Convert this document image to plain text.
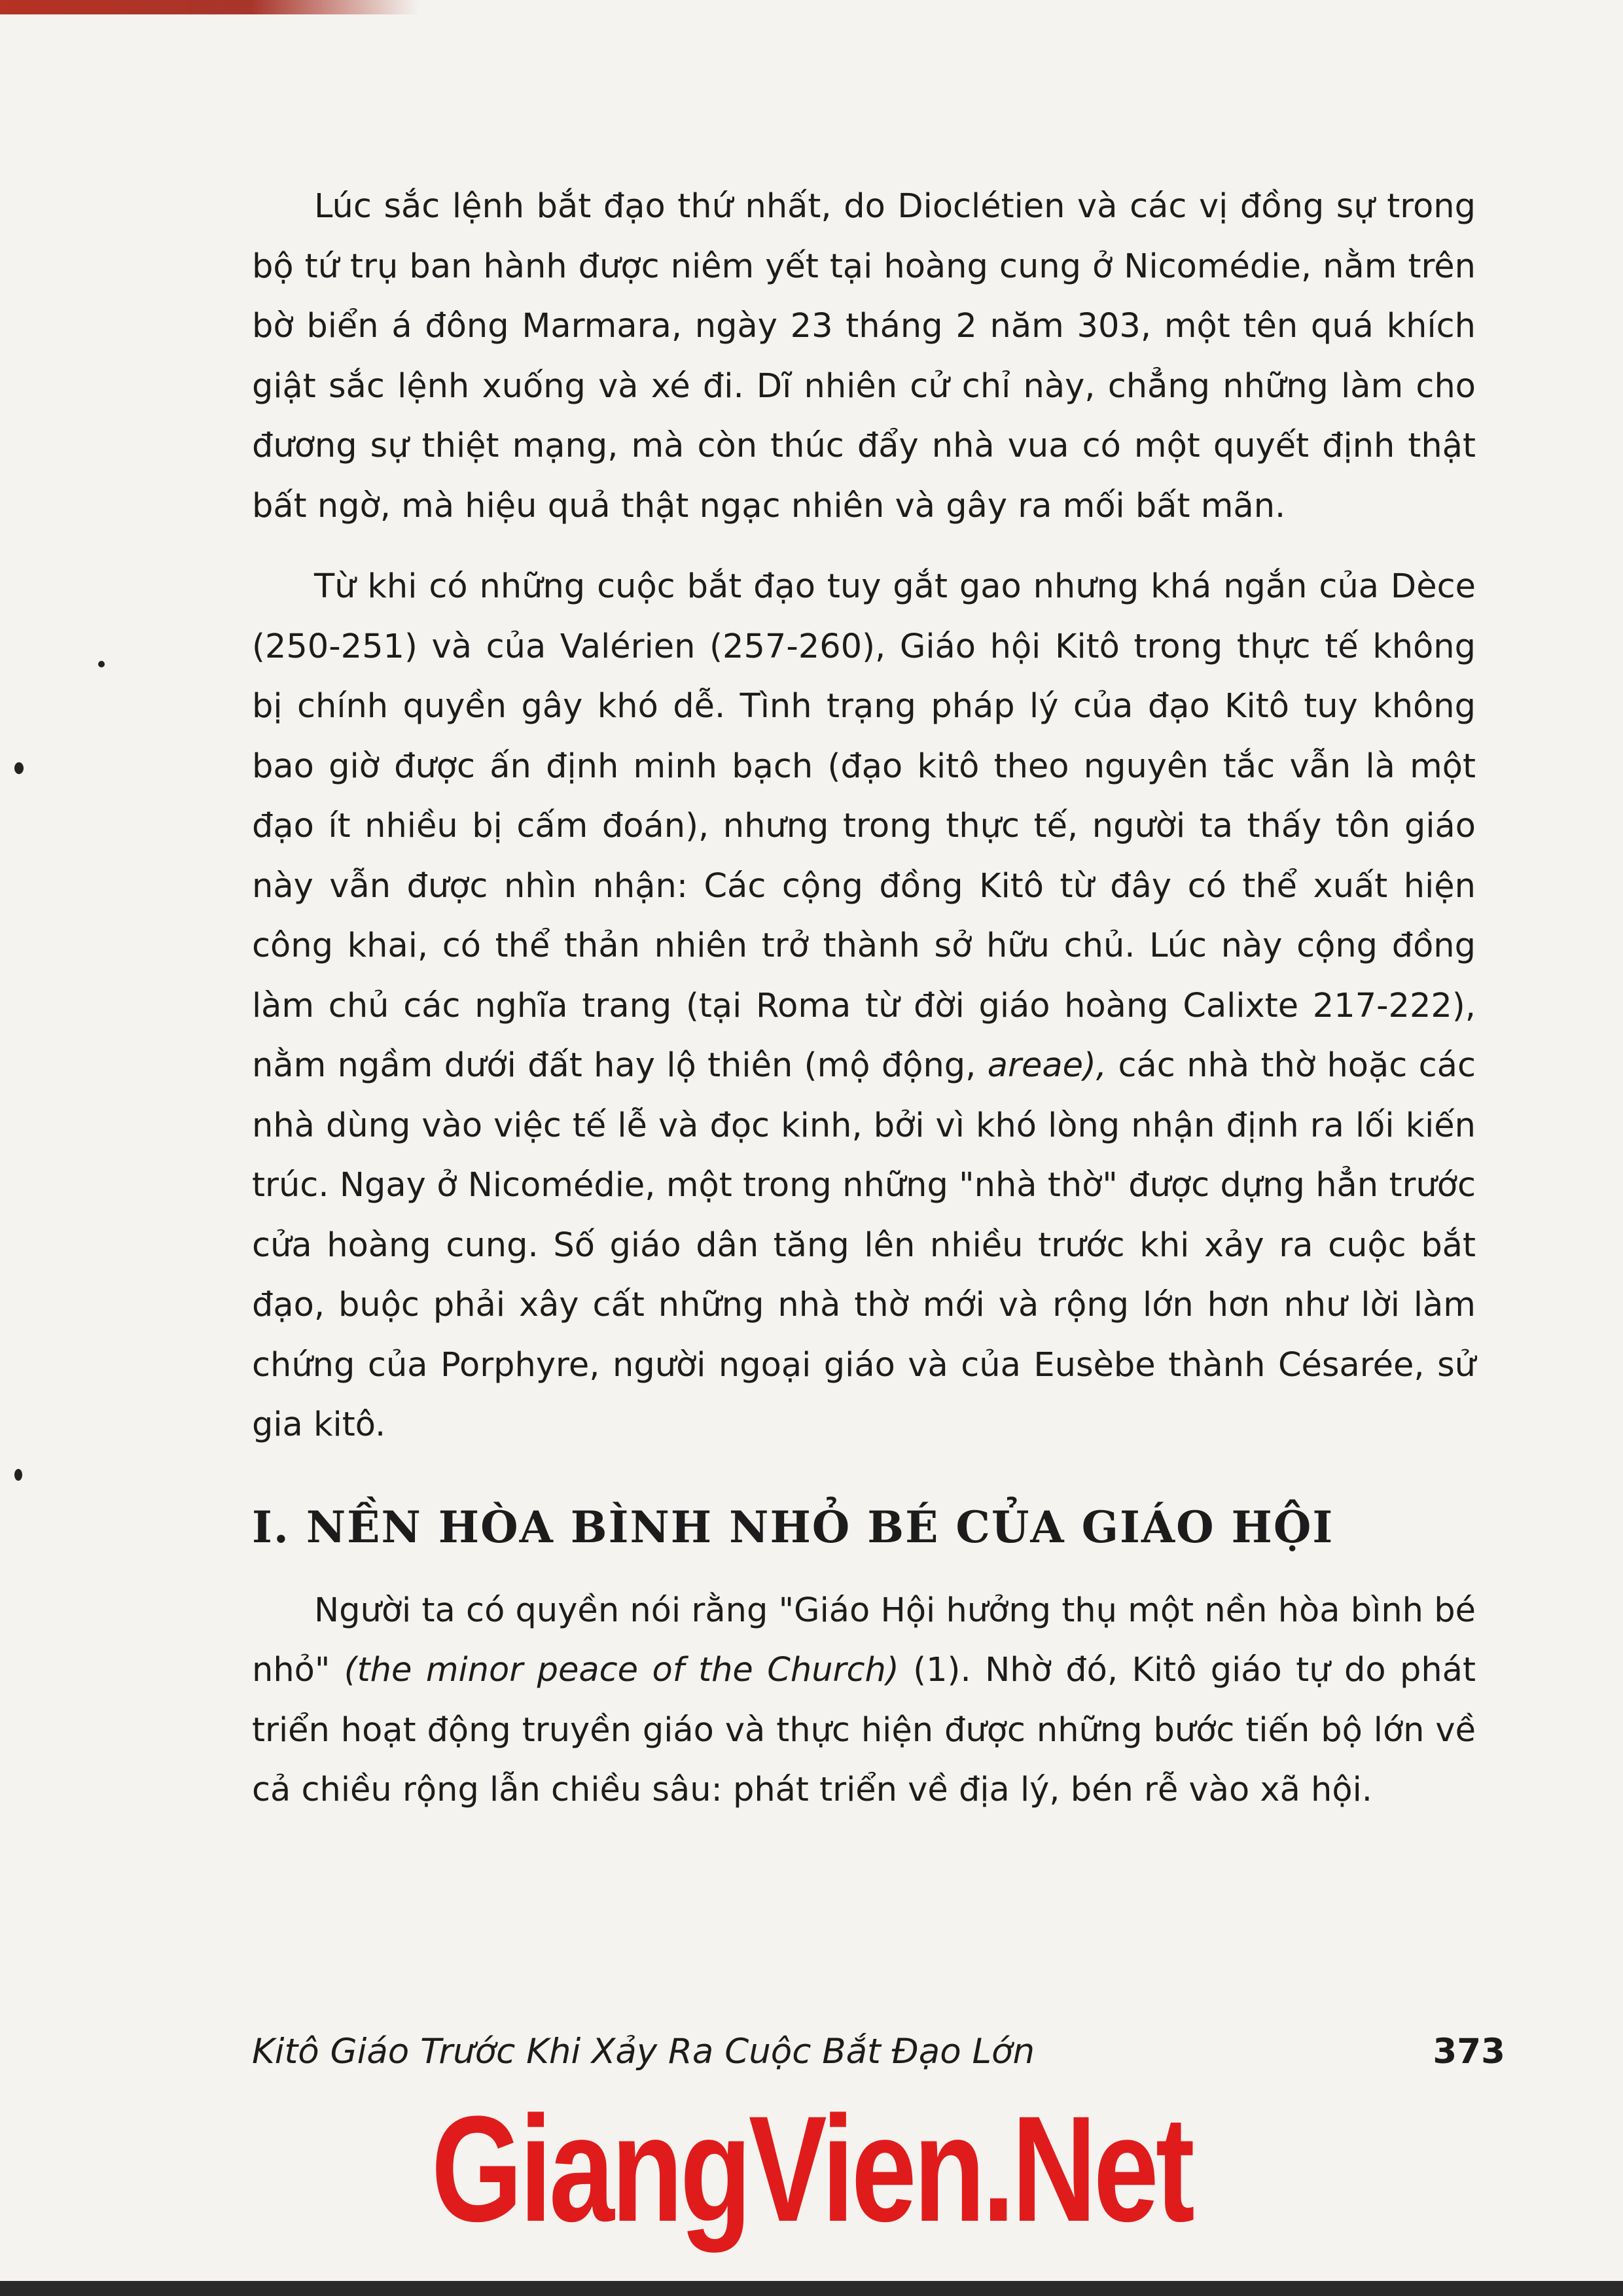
Lúc sắc lệnh bắt đạo thứ nhất, do Dioclétien và các vị đồng sự trong bộ tứ trụ ban hành được niêm yết tại hoàng cung ở Nicomédie, nằm trên bờ biển á đông Marmara, ngày 23 tháng 2 năm 303, một tên quá khích giật sắc lệnh xuống và xé đi. Dĩ nhiên cử chỉ này, chẳng những làm cho đương sự thiệt mạng, mà còn thúc đẩy nhà vua có một quyết định thật bất ngờ, mà hiệu quả thật ngạc nhiên và gây ra mối bất mãn.

Từ khi có những cuộc bắt đạo tuy gắt gao nhưng khá ngắn của Dèce (250-251) và của Valérien (257-260), Giáo hội Kitô trong thực tế không bị chính quyền gây khó dễ. Tình trạng pháp lý của đạo Kitô tuy không bao giờ được ấn định minh bạch (đạo kitô theo nguyên tắc vẫn là một đạo ít nhiều bị cấm đoán), nhưng trong thực tế, người ta thấy tôn giáo này vẫn được nhìn nhận: Các cộng đồng Kitô từ đây có thể xuất hiện công khai, có thể thản nhiên trở thành sở hữu chủ. Lúc này cộng đồng làm chủ các nghĩa trang (tại Roma từ đời giáo hoàng Calixte 217-222), nằm ngầm dưới đất hay lộ thiên (mộ động, areae), các nhà thờ hoặc các nhà dùng vào việc tế lễ và đọc kinh, bởi vì khó lòng nhận định ra lối kiến trúc. Ngay ở Nicomédie, một trong những "nhà thờ" được dựng hẳn trước cửa hoàng cung. Số giáo dân tăng lên nhiều trước khi xảy ra cuộc bắt đạo, buộc phải xây cất những nhà thờ mới và rộng lớn hơn như lời làm chứng của Porphyre, người ngoại giáo và của Eusèbe thành Césarée, sử gia kitô.

I. NỀN HÒA BÌNH NHỎ BÉ CỦA GIÁO HỘI

Người ta có quyền nói rằng "Giáo Hội hưởng thụ một nền hòa bình bé nhỏ" (the minor peace of the Church) (1). Nhờ đó, Kitô giáo tự do phát triển hoạt động truyền giáo và thực hiện được những bước tiến bộ lớn về cả chiều rộng lẫn chiều sâu: phát triển về địa lý, bén rễ vào xã hội.

Kitô Giáo Trước Khi Xảy Ra Cuộc Bắt Đạo Lớn	373
GiangVien.Net
